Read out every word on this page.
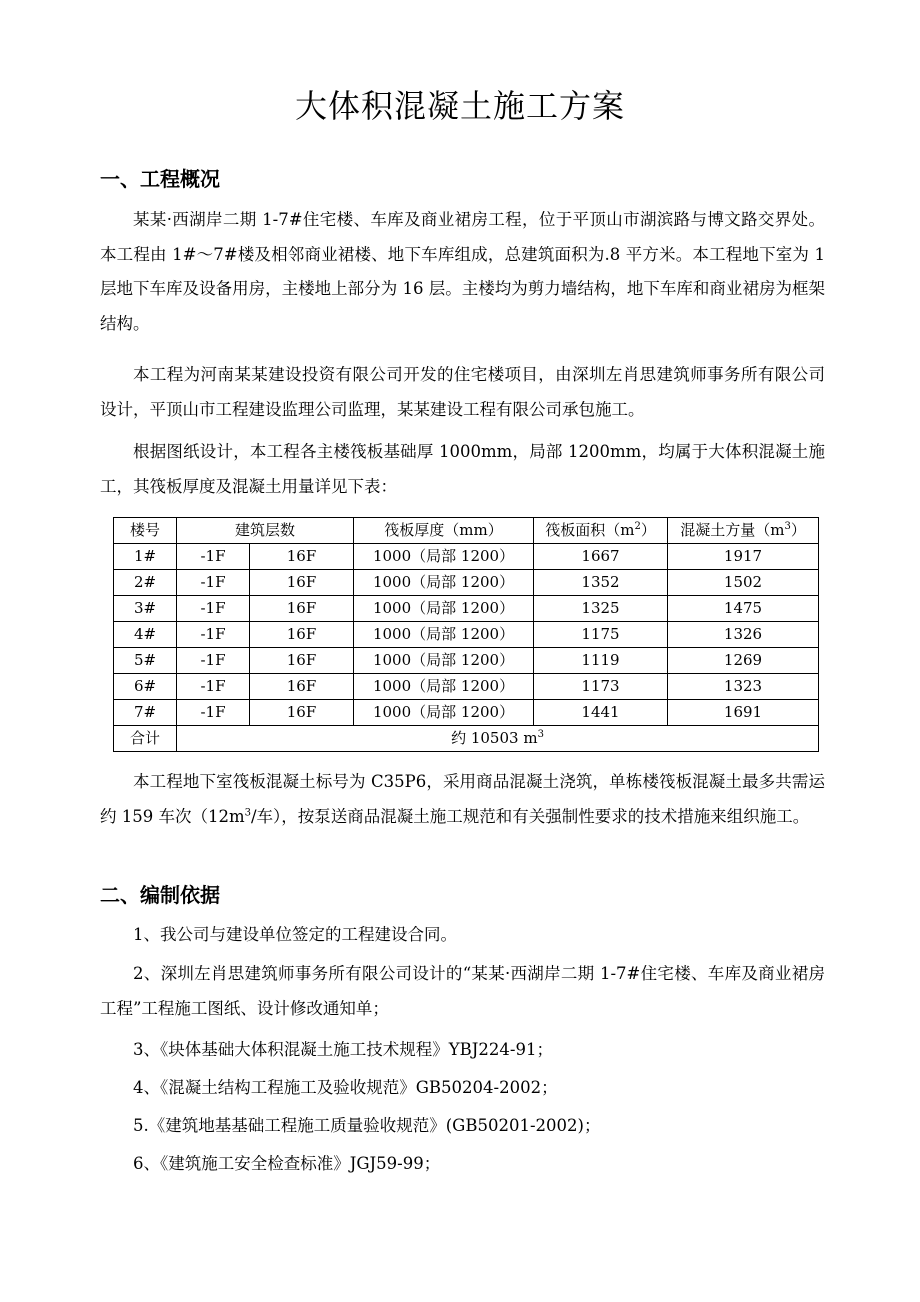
大体积混凝土施工方案
一、工程概况

某某·西湖岸二期 1-7#住宅楼、车库及商业裙房工程，位于平顶山市湖滨路与博文路交界处。本工程由 1#～7#楼及相邻商业裙楼、地下车库组成，总建筑面积为.8 平方米。本工程地下室为 1 层地下车库及设备用房，主楼地上部分为 16 层。主楼均为剪力墙结构，地下车库和商业裙房为框架结构。

本工程为河南某某建设投资有限公司开发的住宅楼项目，由深圳左肖思建筑师事务所有限公司设计，平顶山市工程建设监理公司监理，某某建设工程有限公司承包施工。

根据图纸设计，本工程各主楼筏板基础厚 1000mm，局部 1200mm，均属于大体积混凝土施工，其筏板厚度及混凝土用量详见下表：

楼号	建筑层数		筏板厚度（mm）	筏板面积$(m^2)$	混凝土方量$(m^3)$
1#	-1F	16F	1000（局部 1200）	1667	1917
2#	-1F	16F	1000（局部 1200）	1352	1502
3#	-1F	16F	1000（局部 1200）	1325	1475
4#	-1F	16F	1000（局部 1200）	1175	1326
5#	-1F	16F	1000（局部 1200）	1119	1269
6#	-1F	16F	1000（局部 1200）	1173	1323
7#	-1F	16F	1000（局部 1200）	1441	1691
合计	约 10503 $m^3$

本工程地下室筏板混凝土标号为 C35P6，采用商品混凝土浇筑，单栋楼筏板混凝土最多共需运约 159 车次（$12m^3/$车），按泵送商品混凝土施工规范和有关强制性要求的技术措施来组织施工。

二、编制依据
1、我公司与建设单位签定的工程建设合同。

2、深圳左肖思建筑师事务所有限公司设计的“某某·西湖岸二期 1-7#住宅楼、车库及商业裙房工程”工程施工图纸、设计修改通知单；

3、《块体基础大体积混凝土施工技术规程》YBJ224-91；
4、《混凝土结构工程施工及验收规范》GB50204-2002；
5.《建筑地基基础工程施工质量验收规范》(GB50201-2002)；
6、《建筑施工安全检查标准》JGJ59-99；
